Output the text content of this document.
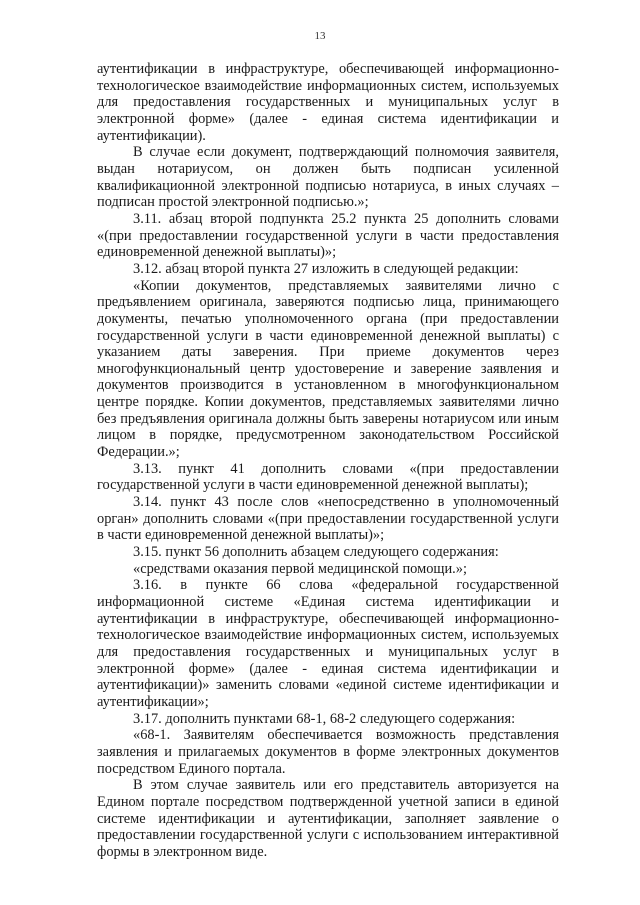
13

аутентификации в инфраструктуре, обеспечивающей информационно-технологическое взаимодействие информационных систем, используемых для предоставления государственных и муниципальных услуг в электронной форме» (далее - единая система идентификации и аутентификации).

В случае если документ, подтверждающий полномочия заявителя, выдан нотариусом, он должен быть подписан усиленной квалификационной электронной подписью нотариуса, в иных случаях – подписан простой электронной подписью.»;

3.11. абзац второй подпункта 25.2 пункта 25 дополнить словами «(при предоставлении государственной услуги в части предоставления единовременной денежной выплаты)»;

3.12. абзац второй пункта 27 изложить в следующей редакции:

«Копии документов, представляемых заявителями лично с предъявлением оригинала, заверяются подписью лица, принимающего документы, печатью уполномоченного органа (при предоставлении государственной услуги в части единовременной денежной выплаты) с указанием даты заверения. При приеме документов через многофункциональный центр удостоверение и заверение заявления и документов производится в установленном в многофункциональном центре порядке. Копии документов, представляемых заявителями лично без предъявления оригинала должны быть заверены нотариусом или иным лицом в порядке, предусмотренном законодательством Российской Федерации.»;

3.13. пункт 41 дополнить словами «(при предоставлении государственной услуги в части единовременной денежной выплаты);

3.14. пункт 43 после слов «непосредственно в уполномоченный орган» дополнить словами «(при предоставлении государственной услуги в части единовременной денежной выплаты)»;

3.15. пункт 56 дополнить абзацем следующего содержания:

«средствами оказания первой медицинской помощи.»;

3.16. в пункте 66 слова «федеральной государственной информационной системе «Единая система идентификации и аутентификации в инфраструктуре, обеспечивающей информационно-технологическое взаимодействие информационных систем, используемых для предоставления государственных и муниципальных услуг в электронной форме» (далее - единая система идентификации и аутентификации)» заменить словами «единой системе идентификации и аутентификации»;

3.17. дополнить пунктами 68-1, 68-2 следующего содержания:

«68-1. Заявителям обеспечивается возможность представления заявления и прилагаемых документов в форме электронных документов посредством Единого портала.

В этом случае заявитель или его представитель авторизуется на Едином портале посредством подтвержденной учетной записи в единой системе идентификации и аутентификации, заполняет заявление о предоставлении государственной услуги с использованием интерактивной формы в электронном виде.
